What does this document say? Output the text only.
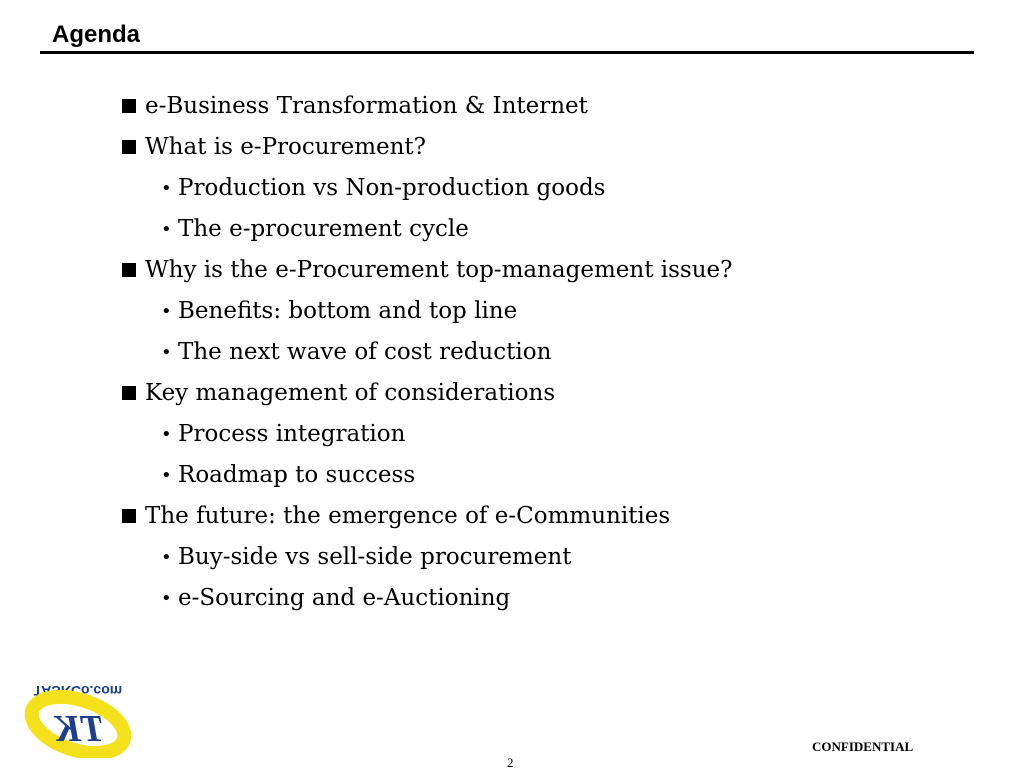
Agenda
e-Business Transformation & Internet
What is e-Procurement?
• Production vs Non-production goods
• The e-procurement cycle
Why is the e-Procurement top-management issue?
• Benefits: bottom and top line
• The next wave of cost reduction
Key management of considerations
• Process integration
• Roadmap to success
The future: the emergence of e-Communities
• Buy-side vs sell-side procurement
• e-Sourcing and e-Auctioning
TASKCo.com
TK	CONFIDENTIAL
2
